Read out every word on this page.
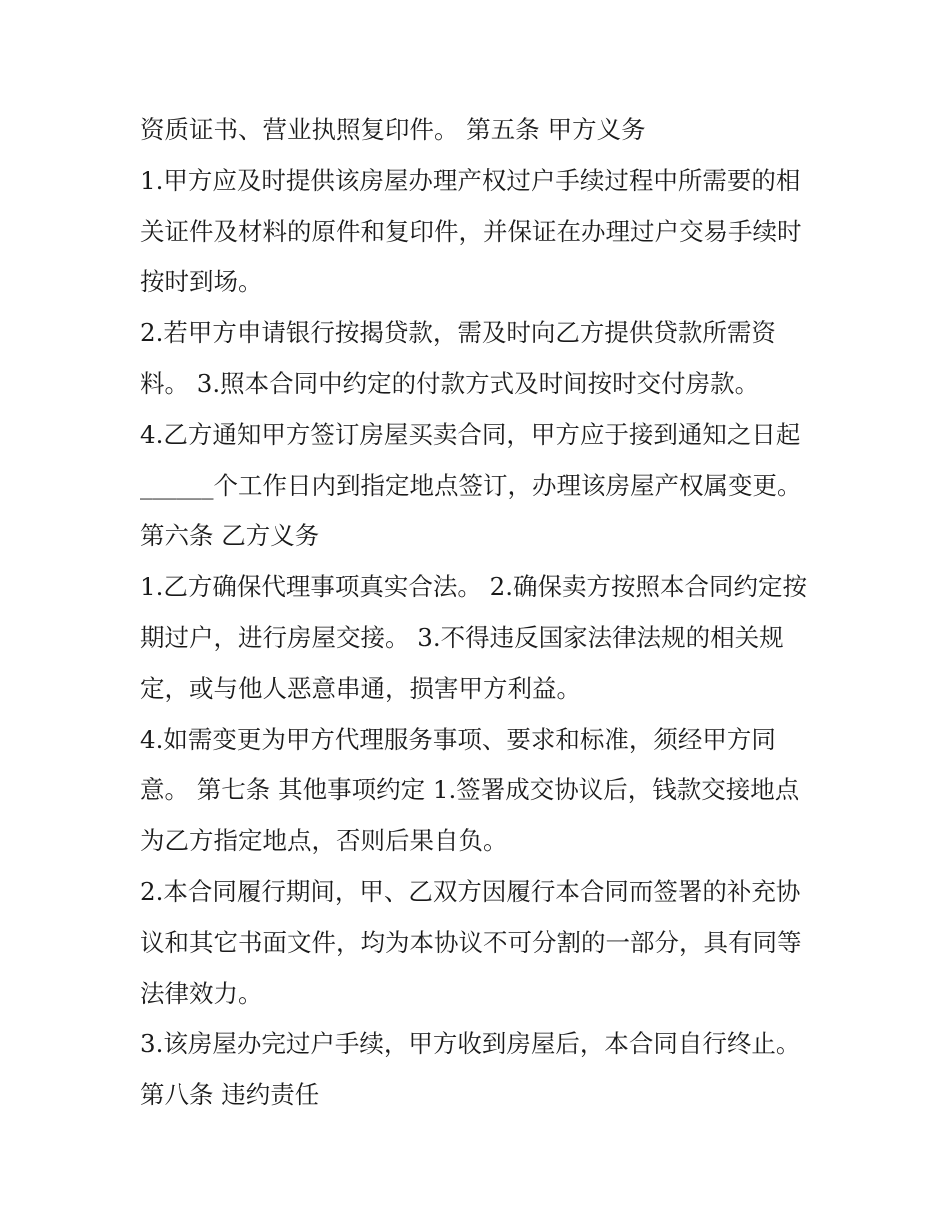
资质证书、营业执照复印件。 第五条 甲方义务
1.甲方应及时提供该房屋办理产权过户手续过程中所需要的相
关证件及材料的原件和复印件，并保证在办理过户交易手续时
按时到场。
2.若甲方申请银行按揭贷款，需及时向乙方提供贷款所需资
料。 3.照本合同中约定的付款方式及时间按时交付房款。
4.乙方通知甲方签订房屋买卖合同，甲方应于接到通知之日起
______个工作日内到指定地点签订，办理该房屋产权属变更。
第六条 乙方义务
1.乙方确保代理事项真实合法。 2.确保卖方按照本合同约定按
期过户，进行房屋交接。 3.不得违反国家法律法规的相关规
定，或与他人恶意串通，损害甲方利益。
4.如需变更为甲方代理服务事项、要求和标准，须经甲方同
意。 第七条 其他事项约定 1.签署成交协议后，钱款交接地点
为乙方指定地点，否则后果自负。
2.本合同履行期间，甲、乙双方因履行本合同而签署的补充协
议和其它书面文件，均为本协议不可分割的一部分，具有同等
法律效力。
3.该房屋办完过户手续，甲方收到房屋后，本合同自行终止。
第八条 违约责任
